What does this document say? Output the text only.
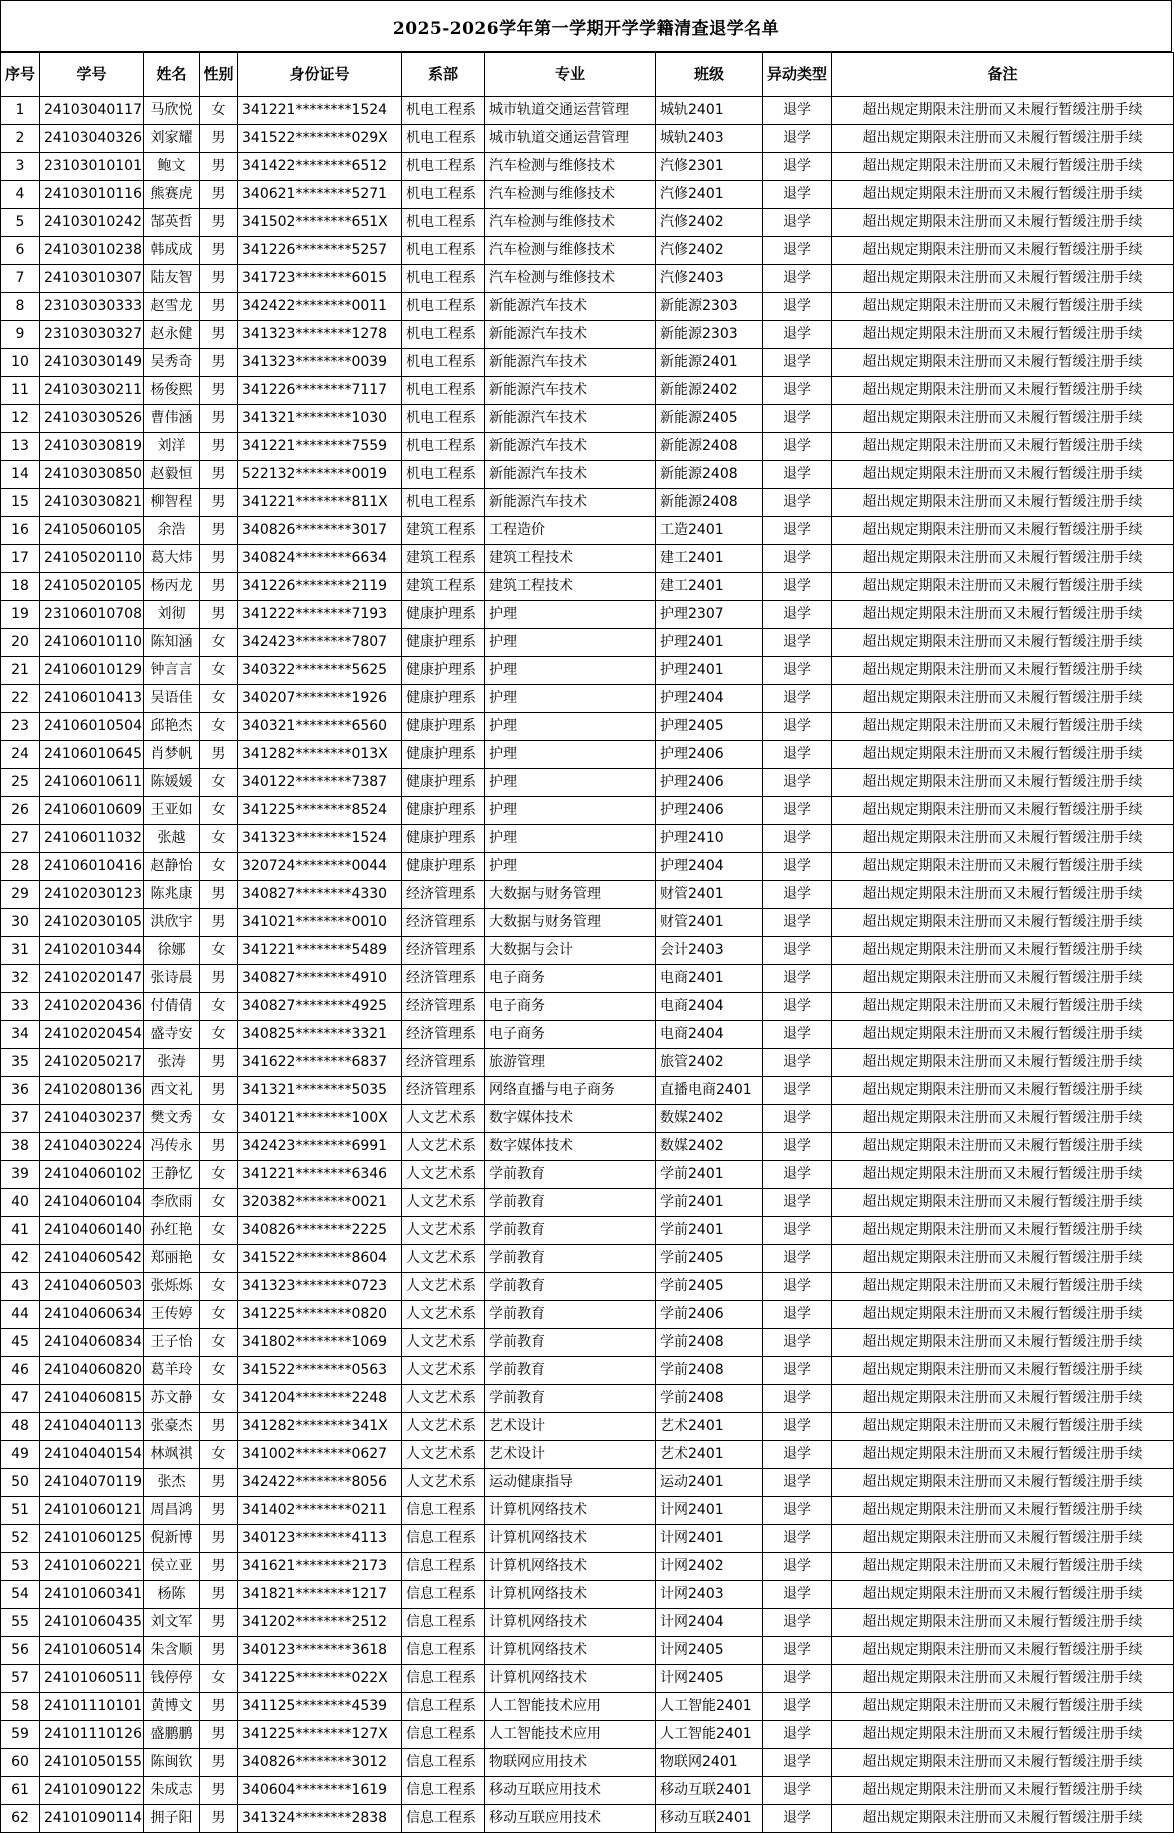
2025-2026学年第一学期开学学籍清查退学名单
序号	学号	姓名	性别	身份证号	系部	专业	班级	异动类型	备注
1	24103040117	马欣悦	女	341221********1524	机电工程系	城市轨道交通运营管理	城轨2401	退学	超出规定期限未注册而又未履行暂缓注册手续
2	24103040326	刘家耀	男	341522********029X	机电工程系	城市轨道交通运营管理	城轨2403	退学	超出规定期限未注册而又未履行暂缓注册手续
3	23103010101	鲍文	男	341422********6512	机电工程系	汽车检测与维修技术	汽修2301	退学	超出规定期限未注册而又未履行暂缓注册手续
4	24103010116	熊赛虎	男	340621********5271	机电工程系	汽车检测与维修技术	汽修2401	退学	超出规定期限未注册而又未履行暂缓注册手续
5	24103010242	郜英哲	男	341502********651X	机电工程系	汽车检测与维修技术	汽修2402	退学	超出规定期限未注册而又未履行暂缓注册手续
6	24103010238	韩成成	男	341226********5257	机电工程系	汽车检测与维修技术	汽修2402	退学	超出规定期限未注册而又未履行暂缓注册手续
7	24103010307	陆友智	男	341723********6015	机电工程系	汽车检测与维修技术	汽修2403	退学	超出规定期限未注册而又未履行暂缓注册手续
8	23103030333	赵雪龙	男	342422********0011	机电工程系	新能源汽车技术	新能源2303	退学	超出规定期限未注册而又未履行暂缓注册手续
9	23103030327	赵永健	男	341323********1278	机电工程系	新能源汽车技术	新能源2303	退学	超出规定期限未注册而又未履行暂缓注册手续
10	24103030149	吴秀奇	男	341323********0039	机电工程系	新能源汽车技术	新能源2401	退学	超出规定期限未注册而又未履行暂缓注册手续
11	24103030211	杨俊熙	男	341226********7117	机电工程系	新能源汽车技术	新能源2402	退学	超出规定期限未注册而又未履行暂缓注册手续
12	24103030526	曹伟涵	男	341321********1030	机电工程系	新能源汽车技术	新能源2405	退学	超出规定期限未注册而又未履行暂缓注册手续
13	24103030819	刘洋	男	341221********7559	机电工程系	新能源汽车技术	新能源2408	退学	超出规定期限未注册而又未履行暂缓注册手续
14	24103030850	赵毅恒	男	522132********0019	机电工程系	新能源汽车技术	新能源2408	退学	超出规定期限未注册而又未履行暂缓注册手续
15	24103030821	柳智程	男	341221********811X	机电工程系	新能源汽车技术	新能源2408	退学	超出规定期限未注册而又未履行暂缓注册手续
16	24105060105	余浩	男	340826********3017	建筑工程系	工程造价	工造2401	退学	超出规定期限未注册而又未履行暂缓注册手续
17	24105020110	葛大炜	男	340824********6634	建筑工程系	建筑工程技术	建工2401	退学	超出规定期限未注册而又未履行暂缓注册手续
18	24105020105	杨丙龙	男	341226********2119	建筑工程系	建筑工程技术	建工2401	退学	超出规定期限未注册而又未履行暂缓注册手续
19	23106010708	刘彻	男	341222********7193	健康护理系	护理	护理2307	退学	超出规定期限未注册而又未履行暂缓注册手续
20	24106010110	陈知涵	女	342423********7807	健康护理系	护理	护理2401	退学	超出规定期限未注册而又未履行暂缓注册手续
21	24106010129	钟言言	女	340322********5625	健康护理系	护理	护理2401	退学	超出规定期限未注册而又未履行暂缓注册手续
22	24106010413	吴语佳	女	340207********1926	健康护理系	护理	护理2404	退学	超出规定期限未注册而又未履行暂缓注册手续
23	24106010504	邱艳杰	女	340321********6560	健康护理系	护理	护理2405	退学	超出规定期限未注册而又未履行暂缓注册手续
24	24106010645	肖梦帆	男	341282********013X	健康护理系	护理	护理2406	退学	超出规定期限未注册而又未履行暂缓注册手续
25	24106010611	陈媛媛	女	340122********7387	健康护理系	护理	护理2406	退学	超出规定期限未注册而又未履行暂缓注册手续
26	24106010609	王亚如	女	341225********8524	健康护理系	护理	护理2406	退学	超出规定期限未注册而又未履行暂缓注册手续
27	24106011032	张越	女	341323********1524	健康护理系	护理	护理2410	退学	超出规定期限未注册而又未履行暂缓注册手续
28	24106010416	赵静怡	女	320724********0044	健康护理系	护理	护理2404	退学	超出规定期限未注册而又未履行暂缓注册手续
29	24102030123	陈兆康	男	340827********4330	经济管理系	大数据与财务管理	财管2401	退学	超出规定期限未注册而又未履行暂缓注册手续
30	24102030105	洪欣宇	男	341021********0010	经济管理系	大数据与财务管理	财管2401	退学	超出规定期限未注册而又未履行暂缓注册手续
31	24102010344	徐娜	女	341221********5489	经济管理系	大数据与会计	会计2403	退学	超出规定期限未注册而又未履行暂缓注册手续
32	24102020147	张诗晨	男	340827********4910	经济管理系	电子商务	电商2401	退学	超出规定期限未注册而又未履行暂缓注册手续
33	24102020436	付倩倩	女	340827********4925	经济管理系	电子商务	电商2404	退学	超出规定期限未注册而又未履行暂缓注册手续
34	24102020454	盛寺安	女	340825********3321	经济管理系	电子商务	电商2404	退学	超出规定期限未注册而又未履行暂缓注册手续
35	24102050217	张涛	男	341622********6837	经济管理系	旅游管理	旅管2402	退学	超出规定期限未注册而又未履行暂缓注册手续
36	24102080136	西文礼	男	341321********5035	经济管理系	网络直播与电子商务	直播电商2401	退学	超出规定期限未注册而又未履行暂缓注册手续
37	24104030237	樊文秀	女	340121********100X	人文艺术系	数字媒体技术	数媒2402	退学	超出规定期限未注册而又未履行暂缓注册手续
38	24104030224	冯传永	男	342423********6991	人文艺术系	数字媒体技术	数媒2402	退学	超出规定期限未注册而又未履行暂缓注册手续
39	24104060102	王静忆	女	341221********6346	人文艺术系	学前教育	学前2401	退学	超出规定期限未注册而又未履行暂缓注册手续
40	24104060104	李欣雨	女	320382********0021	人文艺术系	学前教育	学前2401	退学	超出规定期限未注册而又未履行暂缓注册手续
41	24104060140	孙红艳	女	340826********2225	人文艺术系	学前教育	学前2401	退学	超出规定期限未注册而又未履行暂缓注册手续
42	24104060542	郑丽艳	女	341522********8604	人文艺术系	学前教育	学前2405	退学	超出规定期限未注册而又未履行暂缓注册手续
43	24104060503	张烁烁	女	341323********0723	人文艺术系	学前教育	学前2405	退学	超出规定期限未注册而又未履行暂缓注册手续
44	24104060634	王传婷	女	341225********0820	人文艺术系	学前教育	学前2406	退学	超出规定期限未注册而又未履行暂缓注册手续
45	24104060834	王子怡	女	341802********1069	人文艺术系	学前教育	学前2408	退学	超出规定期限未注册而又未履行暂缓注册手续
46	24104060820	葛羊玲	女	341522********0563	人文艺术系	学前教育	学前2408	退学	超出规定期限未注册而又未履行暂缓注册手续
47	24104060815	苏文静	女	341204********2248	人文艺术系	学前教育	学前2408	退学	超出规定期限未注册而又未履行暂缓注册手续
48	24104040113	张豪杰	男	341282********341X	人文艺术系	艺术设计	艺术2401	退学	超出规定期限未注册而又未履行暂缓注册手续
49	24104040154	林飒祺	女	341002********0627	人文艺术系	艺术设计	艺术2401	退学	超出规定期限未注册而又未履行暂缓注册手续
50	24104070119	张杰	男	342422********8056	人文艺术系	运动健康指导	运动2401	退学	超出规定期限未注册而又未履行暂缓注册手续
51	24101060121	周昌鸿	男	341402********0211	信息工程系	计算机网络技术	计网2401	退学	超出规定期限未注册而又未履行暂缓注册手续
52	24101060125	倪新博	男	340123********4113	信息工程系	计算机网络技术	计网2401	退学	超出规定期限未注册而又未履行暂缓注册手续
53	24101060221	侯立亚	男	341621********2173	信息工程系	计算机网络技术	计网2402	退学	超出规定期限未注册而又未履行暂缓注册手续
54	24101060341	杨陈	男	341821********1217	信息工程系	计算机网络技术	计网2403	退学	超出规定期限未注册而又未履行暂缓注册手续
55	24101060435	刘文军	男	341202********2512	信息工程系	计算机网络技术	计网2404	退学	超出规定期限未注册而又未履行暂缓注册手续
56	24101060514	朱含顺	男	340123********3618	信息工程系	计算机网络技术	计网2405	退学	超出规定期限未注册而又未履行暂缓注册手续
57	24101060511	钱停停	女	341225********022X	信息工程系	计算机网络技术	计网2405	退学	超出规定期限未注册而又未履行暂缓注册手续
58	24101110101	黄博文	男	341125********4539	信息工程系	人工智能技术应用	人工智能2401	退学	超出规定期限未注册而又未履行暂缓注册手续
59	24101110126	盛鹏鹏	男	341225********127X	信息工程系	人工智能技术应用	人工智能2401	退学	超出规定期限未注册而又未履行暂缓注册手续
60	24101050155	陈闽钦	男	340826********3012	信息工程系	物联网应用技术	物联网2401	退学	超出规定期限未注册而又未履行暂缓注册手续
61	24101090122	朱成志	男	340604********1619	信息工程系	移动互联应用技术	移动互联2401	退学	超出规定期限未注册而又未履行暂缓注册手续
62	24101090114	拥子阳	男	341324********2838	信息工程系	移动互联应用技术	移动互联2401	退学	超出规定期限未注册而又未履行暂缓注册手续
